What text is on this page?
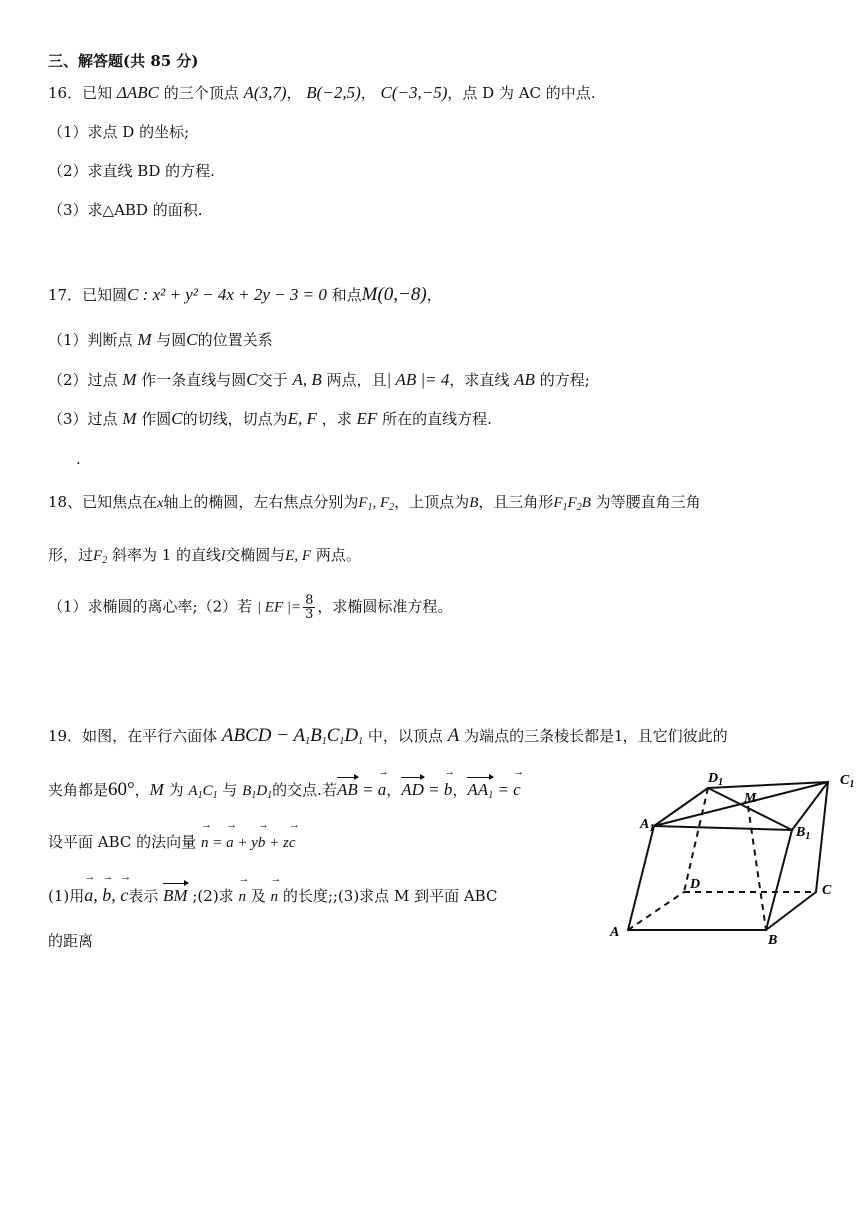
三、解答题(共 85 分)
16．已知 ΔABC 的三个顶点 A(3,7)， B(−2,5)， C(−3,−5)，点 D 为 AC 的中点.
（1）求点 D 的坐标;
（2）求直线 BD 的方程.
（3）求△ABD 的面积.
17．已知圆C : x² + y² − 4x + 2y − 3 = 0 和点M(0,−8)，
（1）判断点 M 与圆C的位置关系
（2）过点 M 作一条直线与圆C交于 A, B 两点，且| AB |= 4，求直线 AB 的方程;
（3）过点 M 作圆C的切线，切点为E, F ，求 EF 所在的直线方程.
.
18、已知焦点在x轴上的椭圆，左右焦点分别为$F_1$, $F_2$，上顶点为B，且三角形$F_1F_2B$ 为等腰直角三角
形，过$F_2$ 斜率为 1 的直线l交椭圆与E, F 两点。
（1）求椭圆的离心率;（2）若 | EF |= $\frac{8}{3}$ ，求椭圆标准方程。
19．如图，在平行六面体 ABCD − $A_1B_1C_1D_1$ 中，以顶点 A 为端点的三条棱长都是1，且它们彼此的
夹角都是60°，M 为 $A_1C_1$ 与 $B_1D_1$的交点.若AB = → a，AD = → b，$AA_1$ = → c
设平面 ABC 的法向量 → n = → a + y→ b + z→ c
(1)用→ a, → b, → c表示 BM ;(2)求 → n 及 → n 的长度;;(3)求点 M 到平面 ABC
的距离	A
B
C
D
$A_1$	$B_1$
$C_1$
$D_1$
M
